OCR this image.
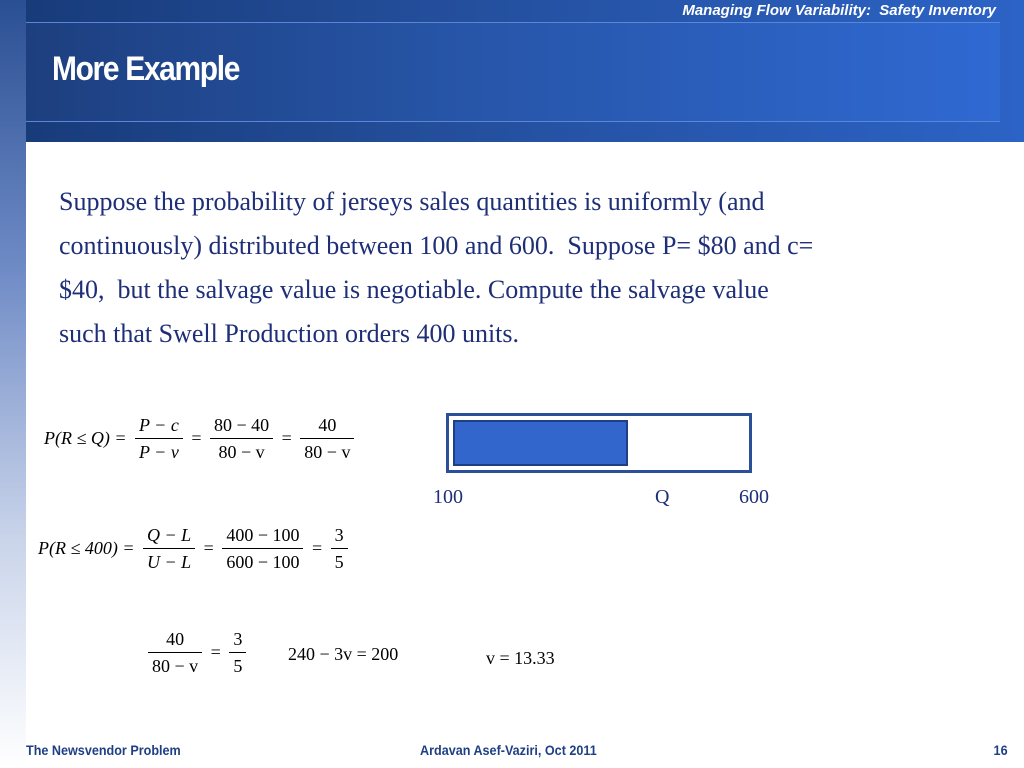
Managing Flow Variability:  Safety Inventory
More Example
Suppose the probability of jerseys sales quantities is uniformly (and
continuously) distributed between 100 and 600.  Suppose P= $80 and c=
$40,  but the salvage value is negotiable. Compute the salvage value
such that Swell Production orders 400 units.
$P(R \le Q) = \frac{P - c}{P - v} = \frac{80 - 40}{80 - v} = \frac{40}{80 - v}$
$P(R \le 400) = \frac{Q - L}{U - L} = \frac{400 - 100}{600 - 100} = \frac{3}{5}$
$\frac{40}{80 - v} = \frac{3}{5} 240 - 3v = 200$	v = 13.33
100	Q	600
The Newsvendor Problem	Ardavan Asef-Vaziri, Oct 2011	16
